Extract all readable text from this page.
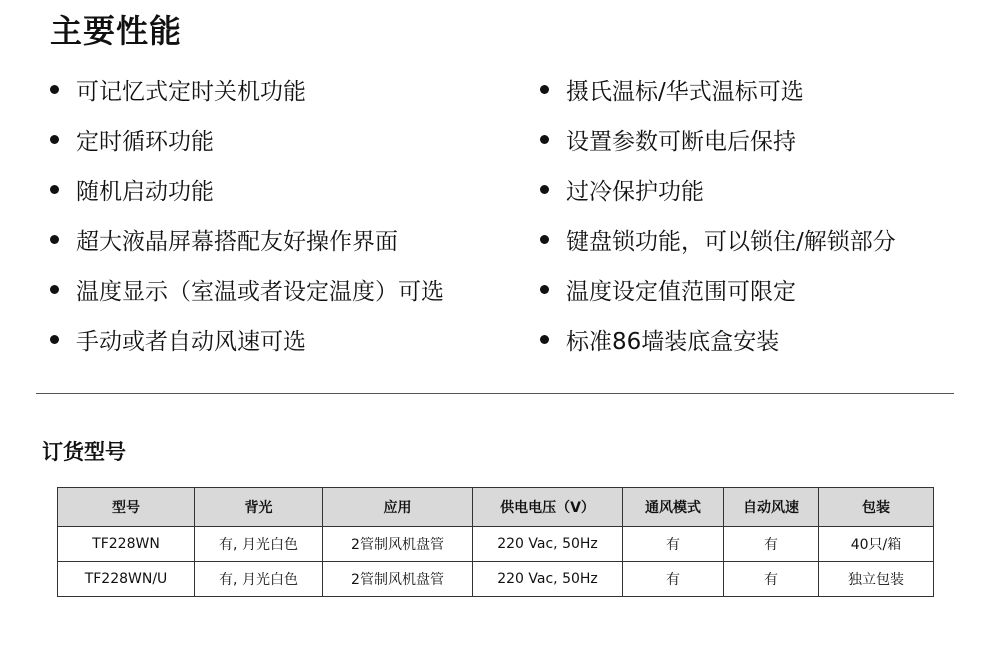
主要性能
可记忆式定时关机功能	摄氏温标/华式温标可选
定时循环功能	设置参数可断电后保持
随机启动功能	过冷保护功能
超大液晶屏幕搭配友好操作界面	键盘锁功能，可以锁住/解锁部分
温度显示（室温或者设定温度）可选	温度设定值范围可限定
手动或者自动风速可选	标准86墙装底盒安装
订货型号
型号	背光	应用	供电电压（V）	通风模式	自动风速	包装
TF228WN	有, 月光白色	2管制风机盘管	220 Vac, 50Hz	有	有	40只/箱
TF228WN/U	有, 月光白色	2管制风机盘管	220 Vac, 50Hz	有	有	独立包装
